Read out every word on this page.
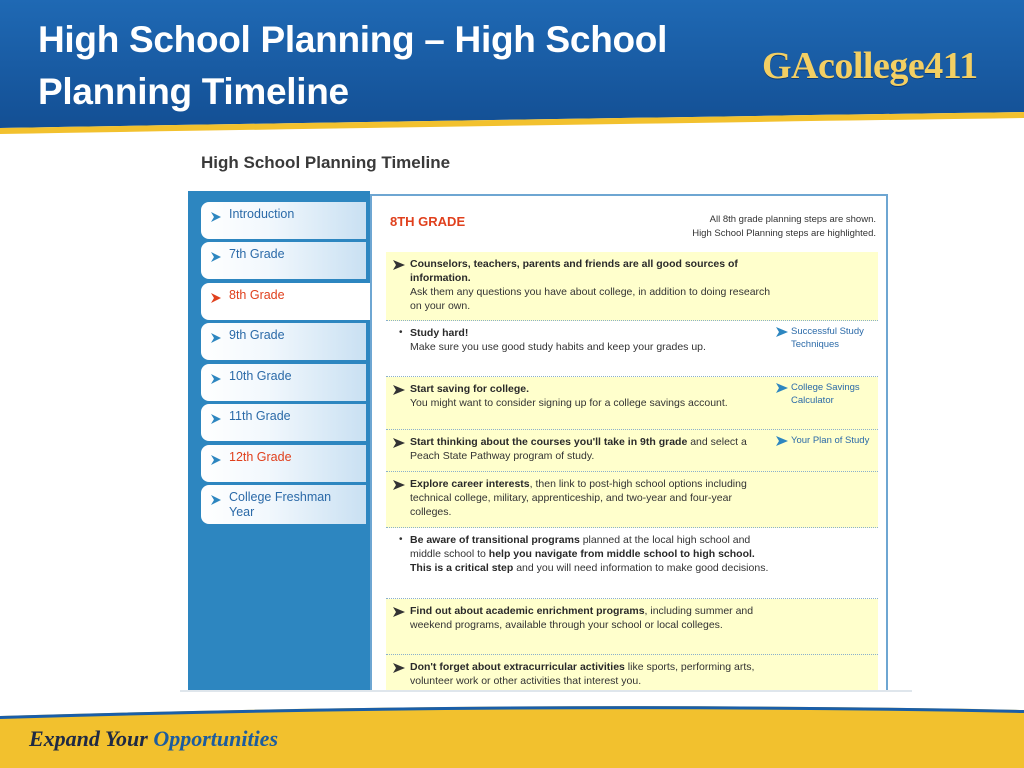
High School Planning – High School
Planning Timeline
GAcollege411
High School Planning Timeline
Introduction
7th Grade
8th Grade
9th Grade
10th Grade
11th Grade
12th Grade
College Freshman Year
8TH GRADE	All 8th grade planning steps are shown.
High School Planning steps are highlighted.
Counselors, teachers, parents and friends are all good sources of information.
Ask them any questions you have about college, in addition to doing research on your own.
• Study hard!
Make sure you use good study habits and keep your grades up.
Successful Study Techniques
Start saving for college.
You might want to consider signing up for a college savings account.
College Savings Calculator
Start thinking about the courses you'll take in 9th grade and select a Peach State Pathway program of study.
Your Plan of Study
Explore career interests, then link to post-high school options including technical college, military, apprenticeship, and two-year and four-year colleges.
• Be aware of transitional programs planned at the local high school and middle school to help you navigate from middle school to high school. This is a critical step and you will need information to make good decisions.
Find out about academic enrichment programs, including summer and weekend programs, available through your school or local colleges.
Don't forget about extracurricular activities like sports, performing arts, volunteer work or other activities that interest you.
Expand Your Opportunities
